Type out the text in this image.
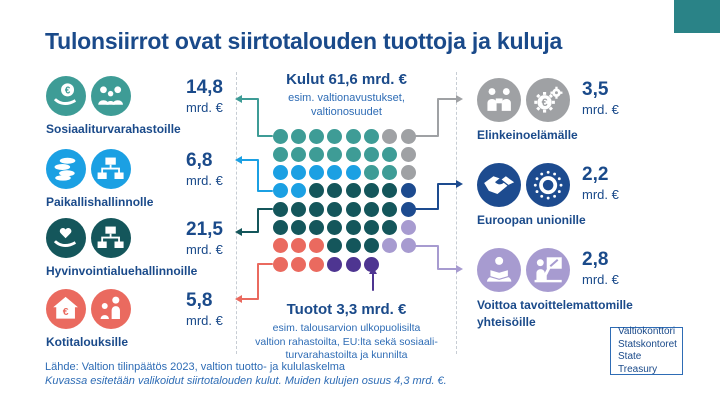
Tulonsiirrot ovat siirtotalouden tuottoja ja kuluja
€
Sosiaaliturvarahastoille
14,8
mrd. €
Paikallishallinnolle
6,8
mrd. €
Hyvinvointialuehallinnoille
21,5
mrd. €
€
Kotitalouksille
5,8
mrd. €
€
Elinkeinoelämälle
3,5
mrd. €
Euroopan unionille
2,2
mrd. €
Voittoa tavoittelemattomille
yhteisöille
2,8
mrd. €
Kulut 61,6 mrd. €
esim. valtionavustukset,
valtionosuudet
Tuotot 3,3 mrd. €
esim. talousarvion ulkopuolisilta
valtion rahastoilta, EU:lta sekä sosiaali-
turvarahastoilta ja kunnilta
Lähde: Valtion tilinpäätös 2023, valtion tuotto- ja kululaskelma
Kuvassa esitetään valikoidut siirtotalouden kulut. Muiden kulujen osuus 4,3 mrd. €.
Valtiokonttori
Statskontoret
State Treasury
